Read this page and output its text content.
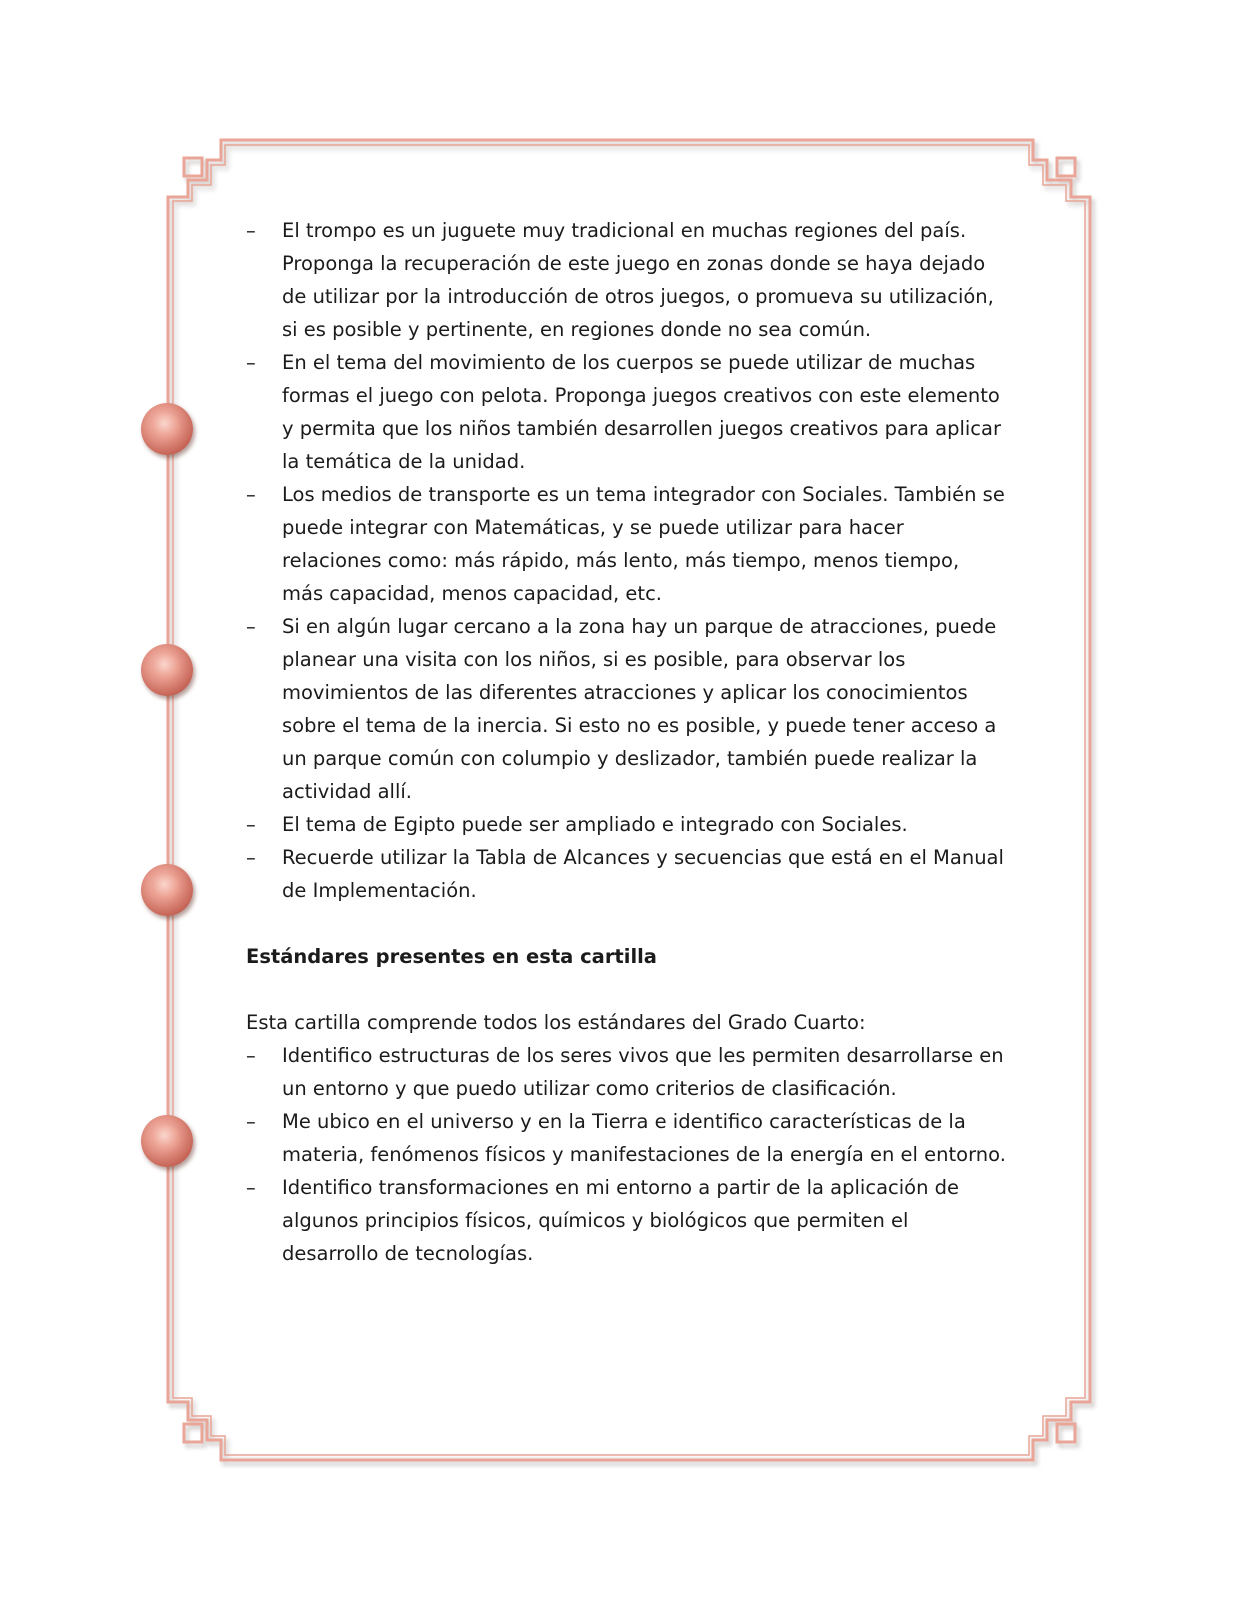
–	El trompo es un juguete muy tradicional en muchas regiones del país. Proponga la recuperación de este juego en zonas donde se haya dejado de utilizar por la introducción de otros juegos, o promueva su utilización, si es posible y pertinente, en regiones donde no sea común.
–	En el tema del movimiento de los cuerpos se puede utilizar de muchas formas el juego con pelota. Proponga juegos creativos con este elemento y permita que los niños también desarrollen juegos creativos para aplicar la temática de la unidad.
–	Los medios de transporte es un tema integrador con Sociales. También se puede integrar con Matemáticas, y se puede utilizar para hacer relaciones como: más rápido, más lento, más tiempo, menos tiempo, más capacidad, menos capacidad, etc.
–	Si en algún lugar cercano a la zona hay un parque de atracciones, puede planear una visita con los niños, si es posible, para observar los movimientos de las diferentes atracciones y aplicar los conocimientos sobre el tema de la inercia. Si esto no es posible, y puede tener acceso a un parque común con columpio y deslizador, también puede realizar la actividad allí.
–	El tema de Egipto puede ser ampliado e integrado con Sociales.
–	Recuerde utilizar la Tabla de Alcances y secuencias que está en el Manual de Implementación.

Estándares presentes en esta cartilla

Esta cartilla comprende todos los estándares del Grado Cuarto:

–	Identifico estructuras de los seres vivos que les permiten desarrollarse en un entorno y que puedo utilizar como criterios de clasificación.
–	Me ubico en el universo y en la Tierra e identifico características de la materia, fenómenos físicos y manifestaciones de la energía en el entorno.
–	Identifico transformaciones en mi entorno a partir de la aplicación de algunos principios físicos, químicos y biológicos que permiten el desarrollo de tecnologías.
